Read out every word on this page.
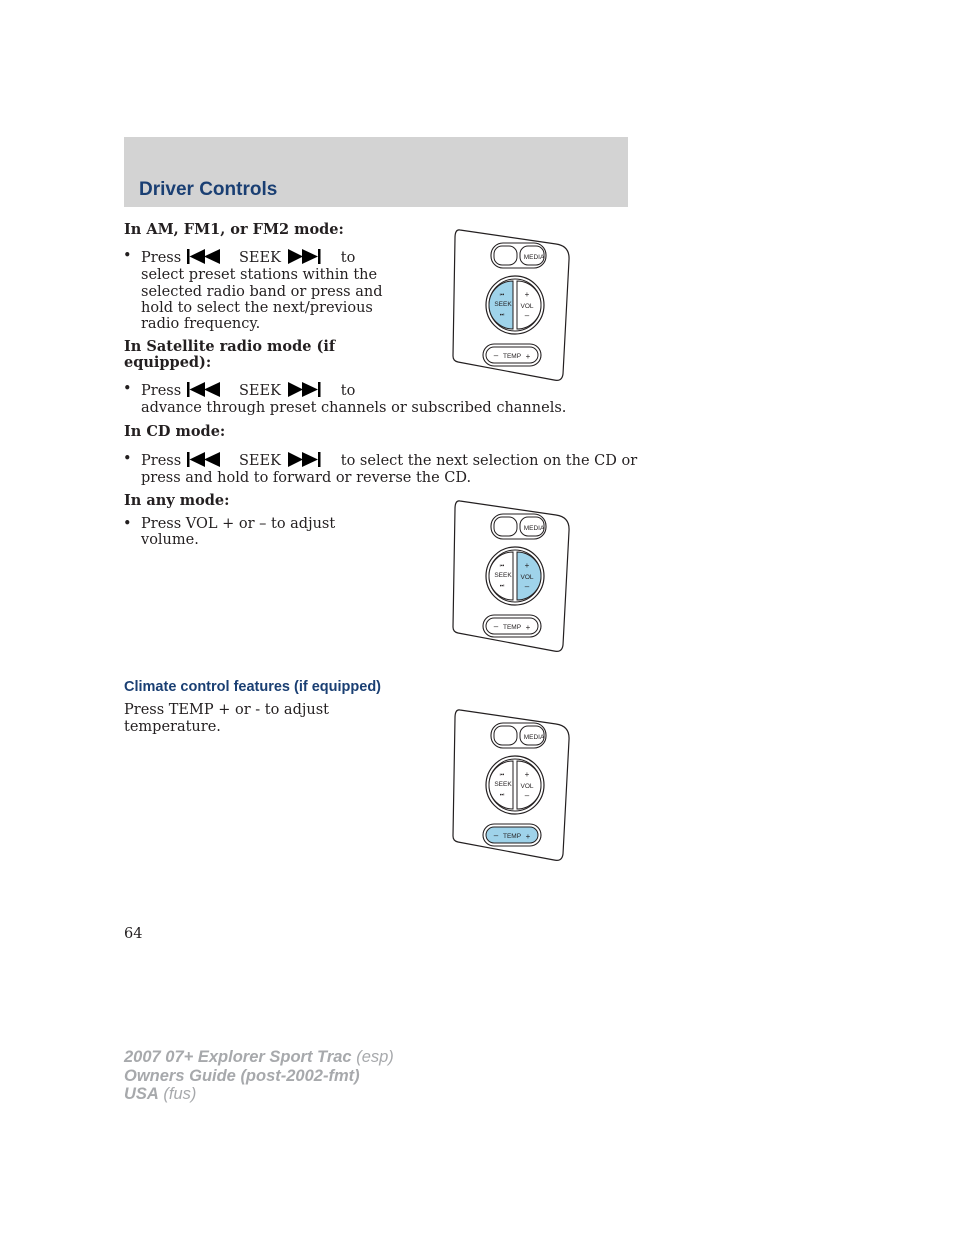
Driver Controls
In AM, FM1, or FM2 mode:
• Press	SEEK	to
select preset stations within the
selected radio band or press and
hold to select the next/previous
radio frequency.
In Satellite radio mode (if
equipped):
• Press	SEEK	to
advance through preset channels or subscribed channels.
In CD mode:
• Press	SEEK	to select the next selection on the CD or
press and hold to forward or reverse the CD.
In any mode:
• Press VOL + or – to adjust
volume.
Climate control features (if equipped)
Press TEMP + or - to adjust
temperature.
MEDIA
SEEK
⏮
⏭
+
VOL
–
– TEMP +
MEDIA
SEEK
⏮
⏭
+
VOL
–
– TEMP +
MEDIA
SEEK
⏮
⏭
+
VOL
–
– TEMP +
64
2007 07+ Explorer Sport Trac (esp)
Owners Guide (post-2002-fmt)
USA (fus)
